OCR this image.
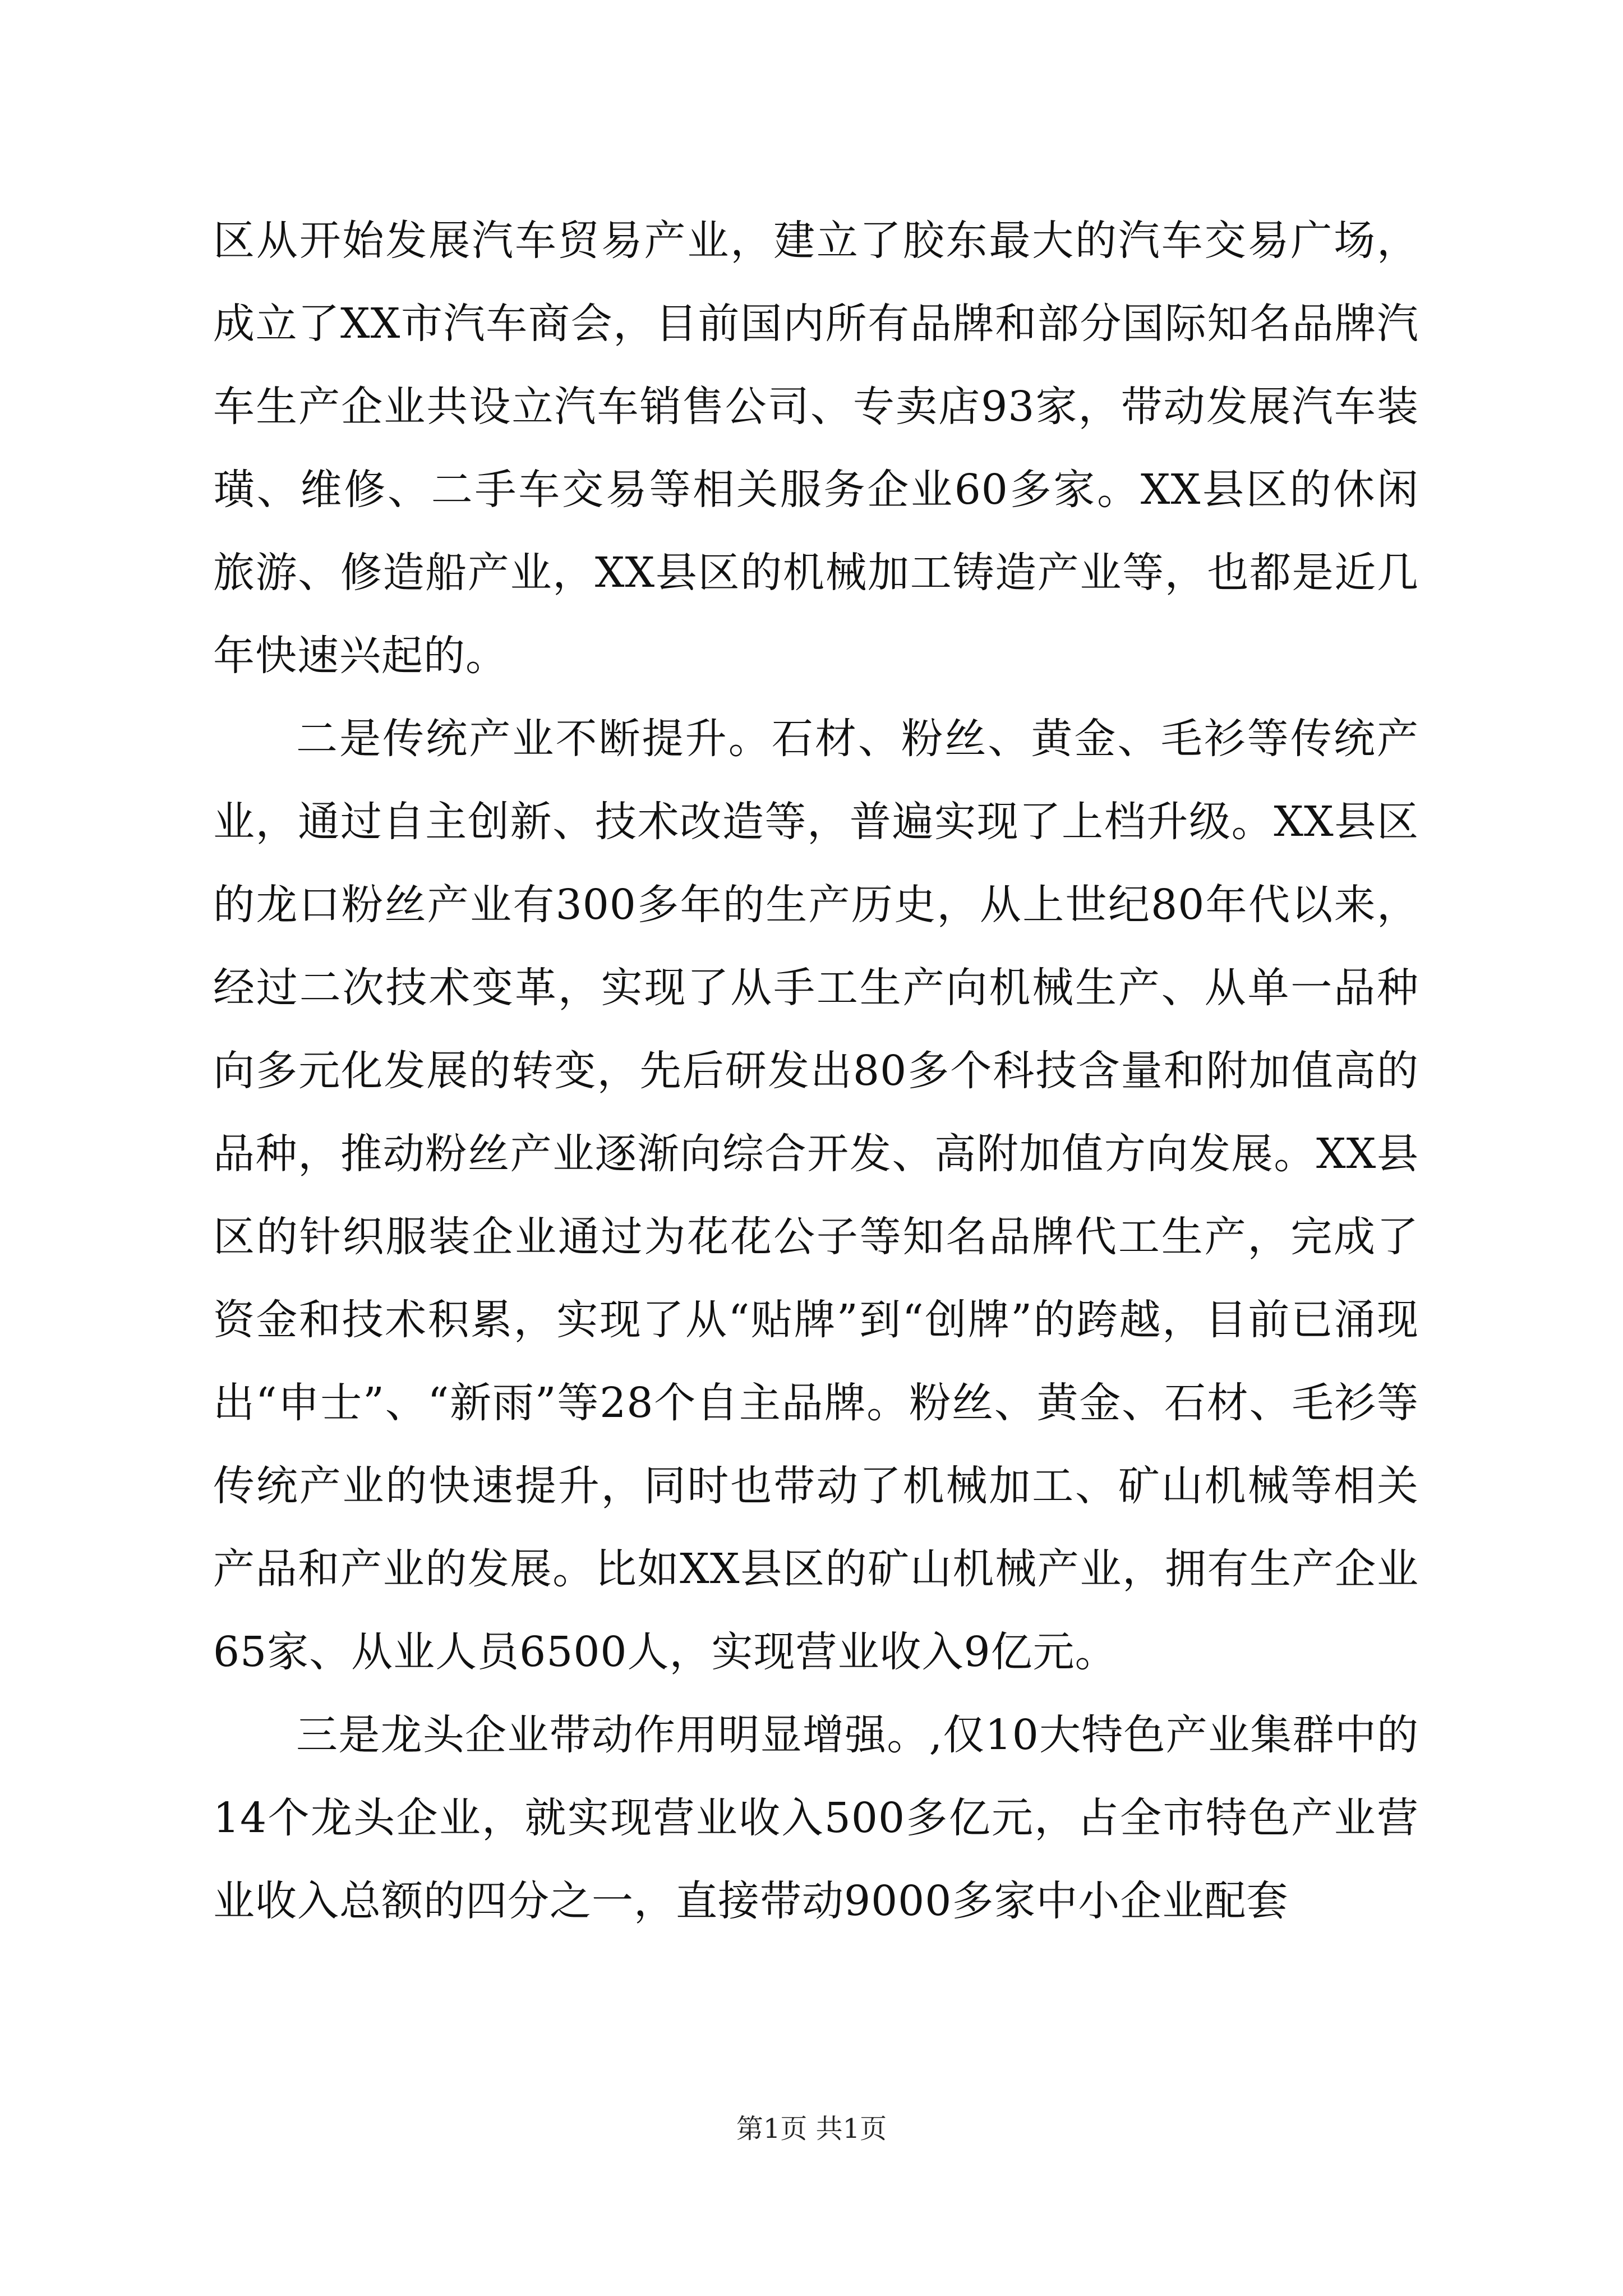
区从开始发展汽车贸易产业，建立了胶东最大的汽车交易广场，成立了XX市汽车商会，目前国内所有品牌和部分国际知名品牌汽车生产企业共设立汽车销售公司、专卖店93家，带动发展汽车装璜、维修、二手车交易等相关服务企业60多家。XX县区的休闲旅游、修造船产业，XX县区的机械加工铸造产业等，也都是近几年快速兴起的。

二是传统产业不断提升。石材、粉丝、黄金、毛衫等传统产业，通过自主创新、技术改造等，普遍实现了上档升级。XX县区的龙口粉丝产业有300多年的生产历史，从上世纪80年代以来，经过二次技术变革，实现了从手工生产向机械生产、从单一品种向多元化发展的转变，先后研发出80多个科技含量和附加值高的品种，推动粉丝产业逐渐向综合开发、高附加值方向发展。XX县区的针织服装企业通过为花花公子等知名品牌代工生产，完成了资金和技术积累，实现了从“贴牌”到“创牌”的跨越，目前已涌现出“申士”、“新雨”等28个自主品牌。粉丝、黄金、石材、毛衫等传统产业的快速提升，同时也带动了机械加工、矿山机械等相关产品和产业的发展。比如XX县区的矿山机械产业，拥有生产企业65家、从业人员6500人，实现营业收入9亿元。

三是龙头企业带动作用明显增强。,仅10大特色产业集群中的14个龙头企业，就实现营业收入500多亿元，占全市特色产业营业收入总额的四分之一，直接带动9000多家中小企业配套

第1页 共1页
